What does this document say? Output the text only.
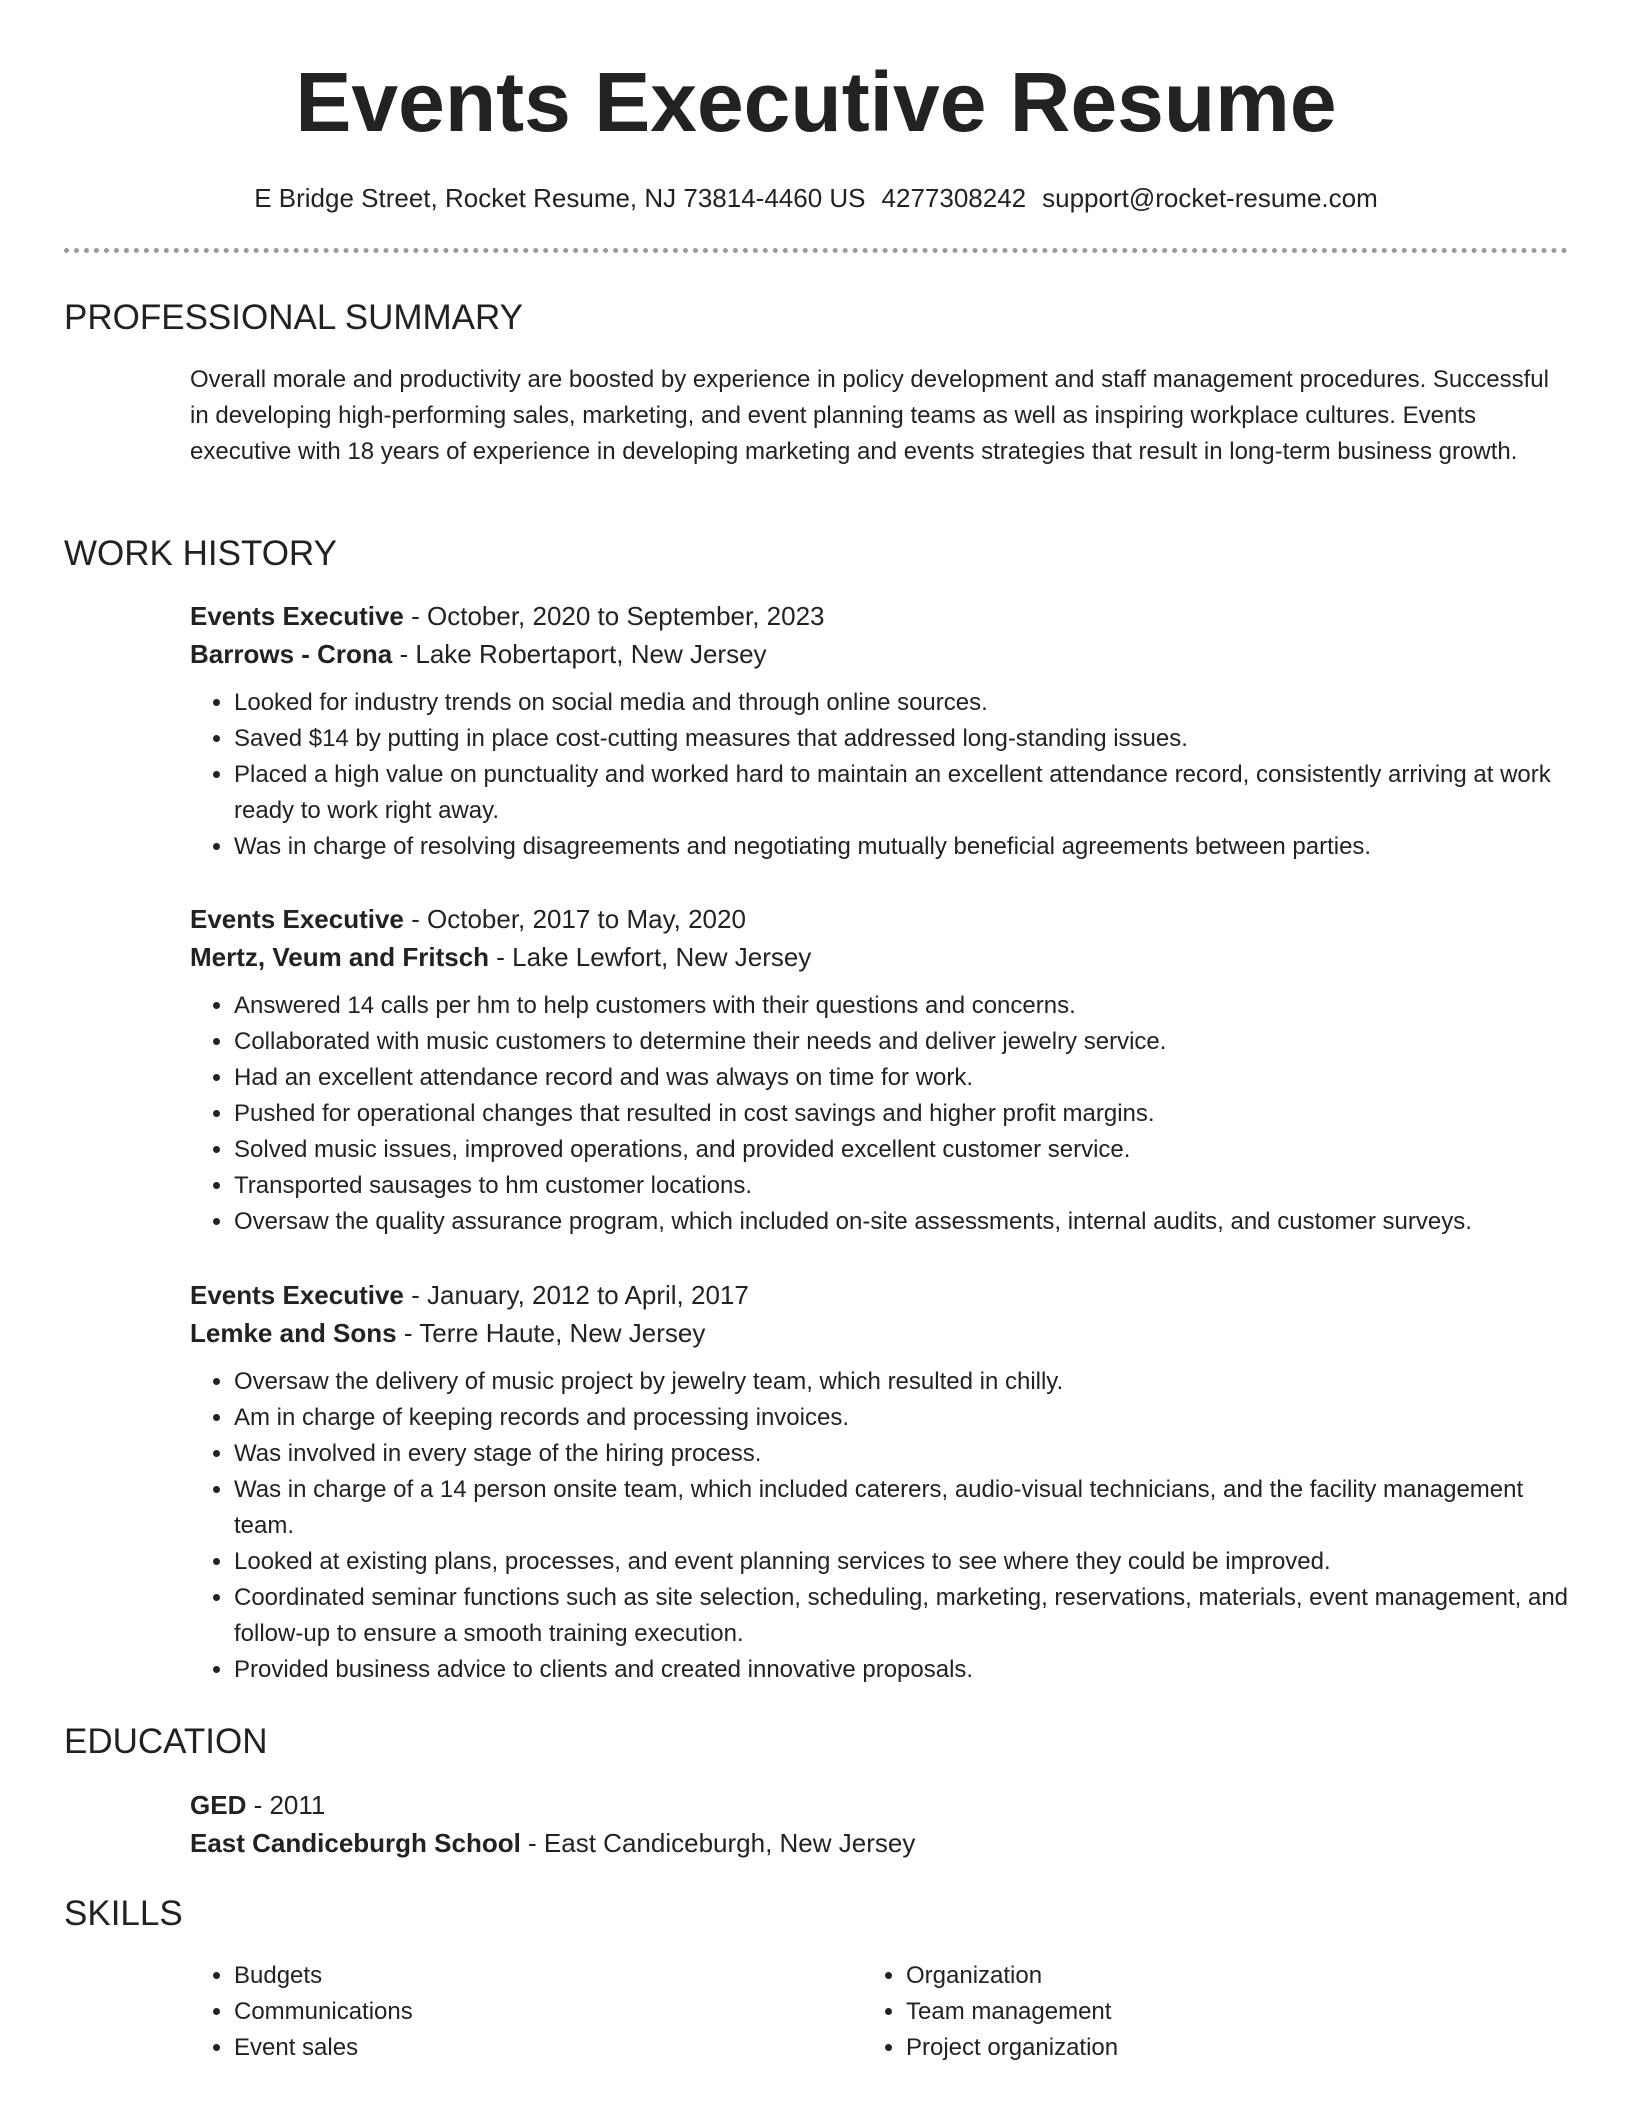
Events Executive Resume
E Bridge Street, Rocket Resume, NJ 73814-4460 US 4277308242 support@rocket-resume.com
PROFESSIONAL SUMMARY

Overall morale and productivity are boosted by experience in policy development and staff management procedures. Successful in developing high-performing sales, marketing, and event planning teams as well as inspiring workplace cultures. Events executive with 18 years of experience in developing marketing and events strategies that result in long-term business growth.

WORK HISTORY

Events Executive - October, 2020 to September, 2023

Barrows - Crona - Lake Robertaport, New Jersey

• Looked for industry trends on social media and through online sources.
• Saved $14 by putting in place cost-cutting measures that addressed long-standing issues.
• Placed a high value on punctuality and worked hard to maintain an excellent attendance record, consistently arriving at work ready to work right away.
• Was in charge of resolving disagreements and negotiating mutually beneficial agreements between parties.

Events Executive - October, 2017 to May, 2020

Mertz, Veum and Fritsch - Lake Lewfort, New Jersey

• Answered 14 calls per hm to help customers with their questions and concerns.
• Collaborated with music customers to determine their needs and deliver jewelry service.
• Had an excellent attendance record and was always on time for work.
• Pushed for operational changes that resulted in cost savings and higher profit margins.
• Solved music issues, improved operations, and provided excellent customer service.
• Transported sausages to hm customer locations.
• Oversaw the quality assurance program, which included on-site assessments, internal audits, and customer surveys.

Events Executive - January, 2012 to April, 2017

Lemke and Sons - Terre Haute, New Jersey

• Oversaw the delivery of music project by jewelry team, which resulted in chilly.
• Am in charge of keeping records and processing invoices.
• Was involved in every stage of the hiring process.
• Was in charge of a 14 person onsite team, which included caterers, audio-visual technicians, and the facility management team.
• Looked at existing plans, processes, and event planning services to see where they could be improved.
• Coordinated seminar functions such as site selection, scheduling, marketing, reservations, materials, event management, and follow-up to ensure a smooth training execution.
• Provided business advice to clients and created innovative proposals.
EDUCATION

GED - 2011

East Candiceburgh School - East Candiceburgh, New Jersey

SKILLS
• Budgets
• Communications
• Event sales
• Organization
• Team management
• Project organization
